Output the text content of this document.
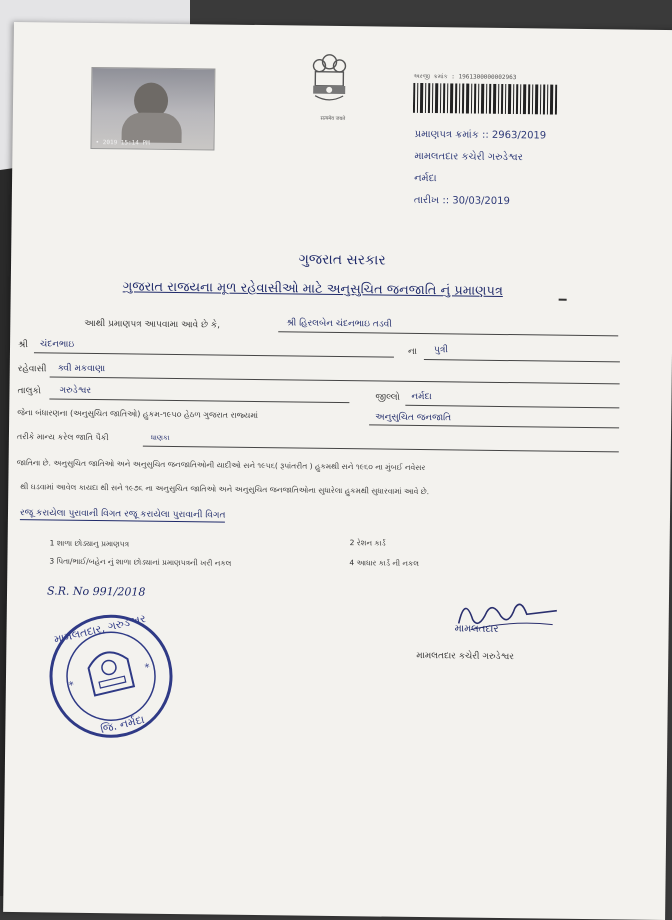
• 2019 15:14 PM
सत्यमेव जयते
અરજી ક્રમાંક : 1961300000002963
પ્રમાણપત્ર ક્રમાંક :: 2963/2019
મામલતદાર કચેરી ગરુડેશ્વર
નર્મદા
તારીખ :: 30/03/2019
ગુજરાત સરકાર
ગુજરાત રાજયના મૂળ રહેવાસીઓ માટે અનુસુચિત જનજાતિ નું પ્રમાણપત્ર
આથી પ્રમાણપત્ર આપવામા આવે છે કે,	શ્રી હિરલબેન ચંદનભાઇ તડવી
શ્રી ચંદનભાઇ
ના પુત્રી
રહેવાસી ક્વી મકવાણા
તાલુકો ગરુડેશ્વર
જીલ્લો નર્મદા
જેના બંધારણના (અનુસુચિત જાતિઓ) હુકમ-૧૯૫૦ હેઠળ ગુજરાત રાજ્યમાં	અનુસુચિત જનજાતિ
તરીકે માન્ય કરેલ જાતિ પૈકી	ધાણકા
જાતિના છે. અનુસુચિત જાતિઓ અને અનુસુચિત જનજાતિઓની યાદીઓ સને ૧૯૫૬( રૂપાંતરીત ) હુકમથી સને ૧૯૬૦ ના મુંબઈ નવેસર
થી ઘડવામાં આવેલ કાયદા થી સને ૧૯૭૬ ના અનુસુચિત જાતિઓ અને અનુસુચિત જનજાતિઓના સુધારેલા હુકમથી સુધારવામાં આવે છે.
રજૂ કરાયેલા પુરાવાની વિગત રજૂ કરાયેલા પુરાવાની વિગત
1 શાળા છોડ્યાનુ પ્રમાણપત્ર	2 રેશન કાર્ડ
3 પિતા/ભાઈ/બહેન નું શાળા છોડ્યાનાં પ્રમાણપત્રની ખરી નકલ	4 આધાર કાર્ડ ની નકલ
S.R. No 991/2018
મામલતદાર
મામલતદાર કચેરી ગરુડેશ્વર
*
*
મામલતદાર, ગરુડેશ્વર
જિ. નર્મદા
